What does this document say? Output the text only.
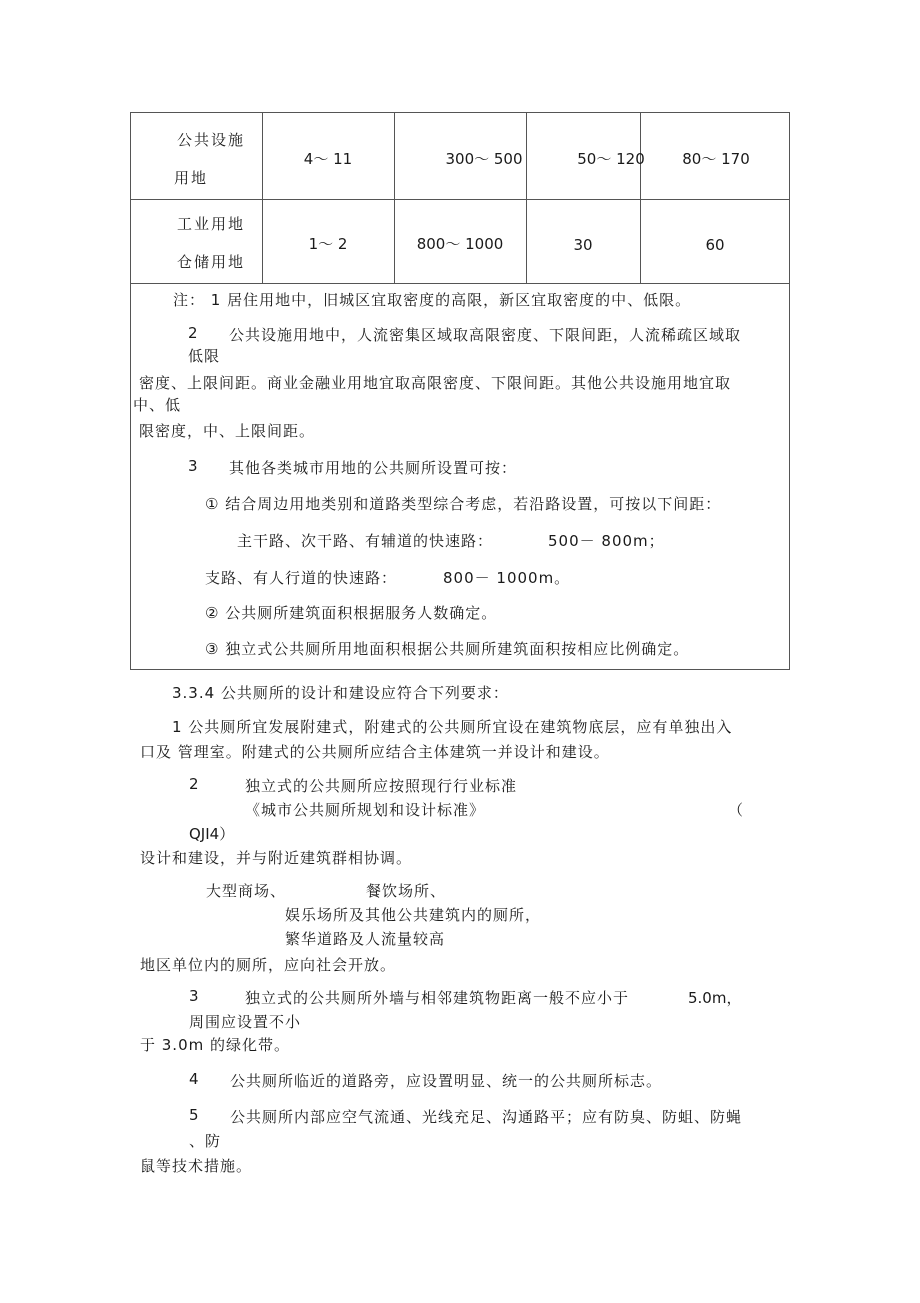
公共设施
用地
4～ 11	300～ 500	50～ 120	80～ 170
工业用地
仓储用地
1～ 2	800～ 1000	30	60
注： 1 居住用地中，旧城区宜取密度的高限，新区宜取密度的中、低限。
2 公共设施用地中，人流密集区域取高限密度、下限间距，人流稀疏区域取
低限
密度、上限间距。商业金融业用地宜取高限密度、下限间距。其他公共设施用地宜取
中、低
限密度，中、上限间距。
3 其他各类城市用地的公共厕所设置可按：
① 结合周边用地类别和道路类型综合考虑，若沿路设置，可按以下间距：
主干路、次干路、有辅道的快速路：	500－ 800m；
支路、有人行道的快速路：	800－ 1000m。
② 公共厕所建筑面积根据服务人数确定。
③ 独立式公共厕所用地面积根据公共厕所建筑面积按相应比例确定。
3.3.4 公共厕所的设计和建设应符合下列要求：
1 公共厕所宜发展附建式，附建式的公共厕所宜设在建筑物底层，应有单独出入
口及 管理室。附建式的公共厕所应结合主体建筑一并设计和建设。
2	独立式的公共厕所应按照现行行业标准
《城市公共厕所规划和设计标准》	（
QJI4）
设计和建设，并与附近建筑群相协调。
大型商场、	餐饮场所、
娱乐场所及其他公共建筑内的厕所，
繁华道路及人流量较高
地区单位内的厕所，应向社会开放。
3	独立式的公共厕所外墙与相邻建筑物距离一般不应小于	5.0m，
周围应设置不小
于 3.0m 的绿化带。
4 公共厕所临近的道路旁，应设置明显、统一的公共厕所标志。
5 公共厕所内部应空气流通、光线充足、沟通路平；应有防臭、防蛆、防蝇
、防
鼠等技术措施。
